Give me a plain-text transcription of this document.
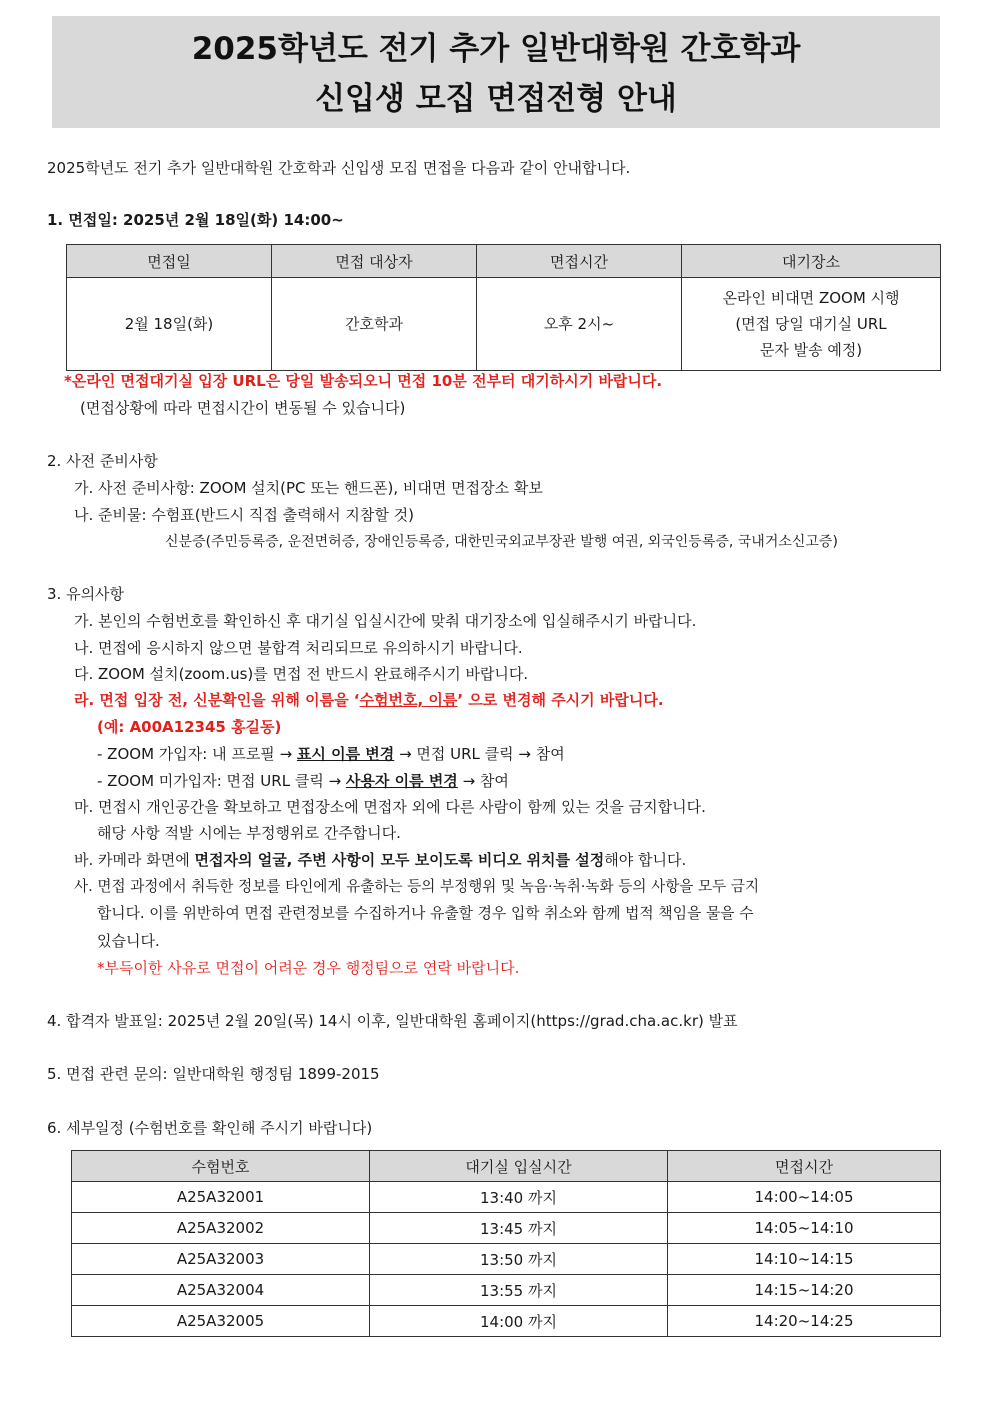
2025학년도 전기 추가 일반대학원 간호학과
신입생 모집 면접전형 안내
2025학년도 전기 추가 일반대학원 간호학과 신입생 모집 면접을 다음과 같이 안내합니다.
1. 면접일: 2025년 2월 18일(화) 14:00~
면접일	면접 대상자	면접시간	대기장소
2월 18일(화)	간호학과	오후 2시~	온라인 비대면 ZOOM 시행
(면접 당일 대기실 URL
문자 발송 예정)
*온라인 면접대기실 입장 URL은 당일 발송되오니 면접 10분 전부터 대기하시기 바랍니다.
(면접상황에 따라 면접시간이 변동될 수 있습니다)
2. 사전 준비사항
가. 사전 준비사항: ZOOM 설치(PC 또는 핸드폰), 비대면 면접장소 확보
나. 준비물: 수험표(반드시 직접 출력해서 지참할 것)
신분증(주민등록증, 운전면허증, 장애인등록증, 대한민국외교부장관 발행 여권, 외국인등록증, 국내거소신고증)
3. 유의사항
가. 본인의 수험번호를 확인하신 후 대기실 입실시간에 맞춰 대기장소에 입실해주시기 바랍니다.
나. 면접에 응시하지 않으면 불합격 처리되므로 유의하시기 바랍니다.
다. ZOOM 설치(zoom.us)를 면접 전 반드시 완료해주시기 바랍니다.
라. 면접 입장 전, 신분확인을 위해 이름을 ‘수험번호, 이름’ 으로 변경해 주시기 바랍니다.
(예: A00A12345 홍길동)
- ZOOM 가입자: 내 프로필 → 표시 이름 변경 → 면접 URL 클릭 → 참여
- ZOOM 미가입자: 면접 URL 클릭 → 사용자 이름 변경 → 참여
마. 면접시 개인공간을 확보하고 면접장소에 면접자 외에 다른 사람이 함께 있는 것을 금지합니다.
해당 사항 적발 시에는 부정행위로 간주합니다.
바. 카메라 화면에 면접자의 얼굴, 주변 사항이 모두 보이도록 비디오 위치를 설정해야 합니다.
사. 면접 과정에서 취득한 정보를 타인에게 유출하는 등의 부정행위 및 녹음·녹취·녹화 등의 사항을 모두 금지
합니다. 이를 위반하여 면접 관련정보를 수집하거나 유출할 경우 입학 취소와 함께 법적 책임을 물을 수
있습니다.
*부득이한 사유로 면접이 어려운 경우 행정팀으로 연락 바랍니다.
4. 합격자 발표일: 2025년 2월 20일(목) 14시 이후, 일반대학원 홈페이지(https://grad.cha.ac.kr) 발표
5. 면접 관련 문의: 일반대학원 행정팀 1899-2015
6. 세부일정 (수험번호를 확인해 주시기 바랍니다)
수험번호	대기실 입실시간	면접시간
A25A32001	13:40 까지	14:00~14:05
A25A32002	13:45 까지	14:05~14:10
A25A32003	13:50 까지	14:10~14:15
A25A32004	13:55 까지	14:15~14:20
A25A32005	14:00 까지	14:20~14:25
